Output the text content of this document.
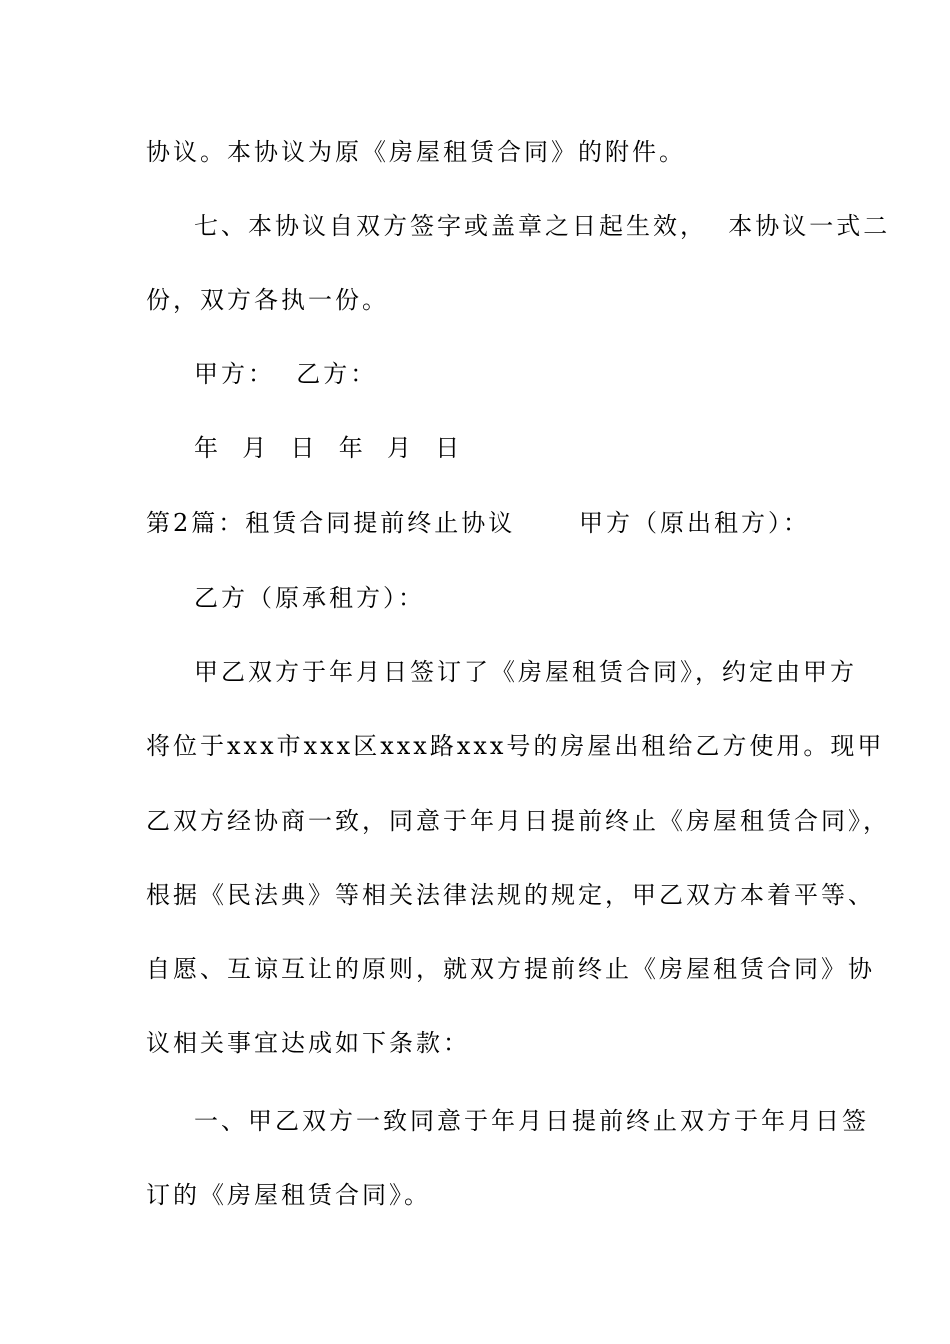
协议。本协议为原《房屋租赁合同》的附件。
七、本协议自双方签字或盖章之日起生效，  本协议一式二
份，双方各执一份。
甲方：  乙方：
年  月  日  年  月  日
第2篇：租赁合同提前终止协议      甲方（原出租方）：
乙方（原承租方）：
甲乙双方于年月日签订了《房屋租赁合同》，约定由甲方
将位于xxx市xxx区xxx路xxx号的房屋出租给乙方使用。现甲
乙双方经协商一致，同意于年月日提前终止《房屋租赁合同》，
根据《民法典》等相关法律法规的规定，甲乙双方本着平等、
自愿、互谅互让的原则，就双方提前终止《房屋租赁合同》协
议相关事宜达成如下条款：
一、甲乙双方一致同意于年月日提前终止双方于年月日签
订的《房屋租赁合同》。
